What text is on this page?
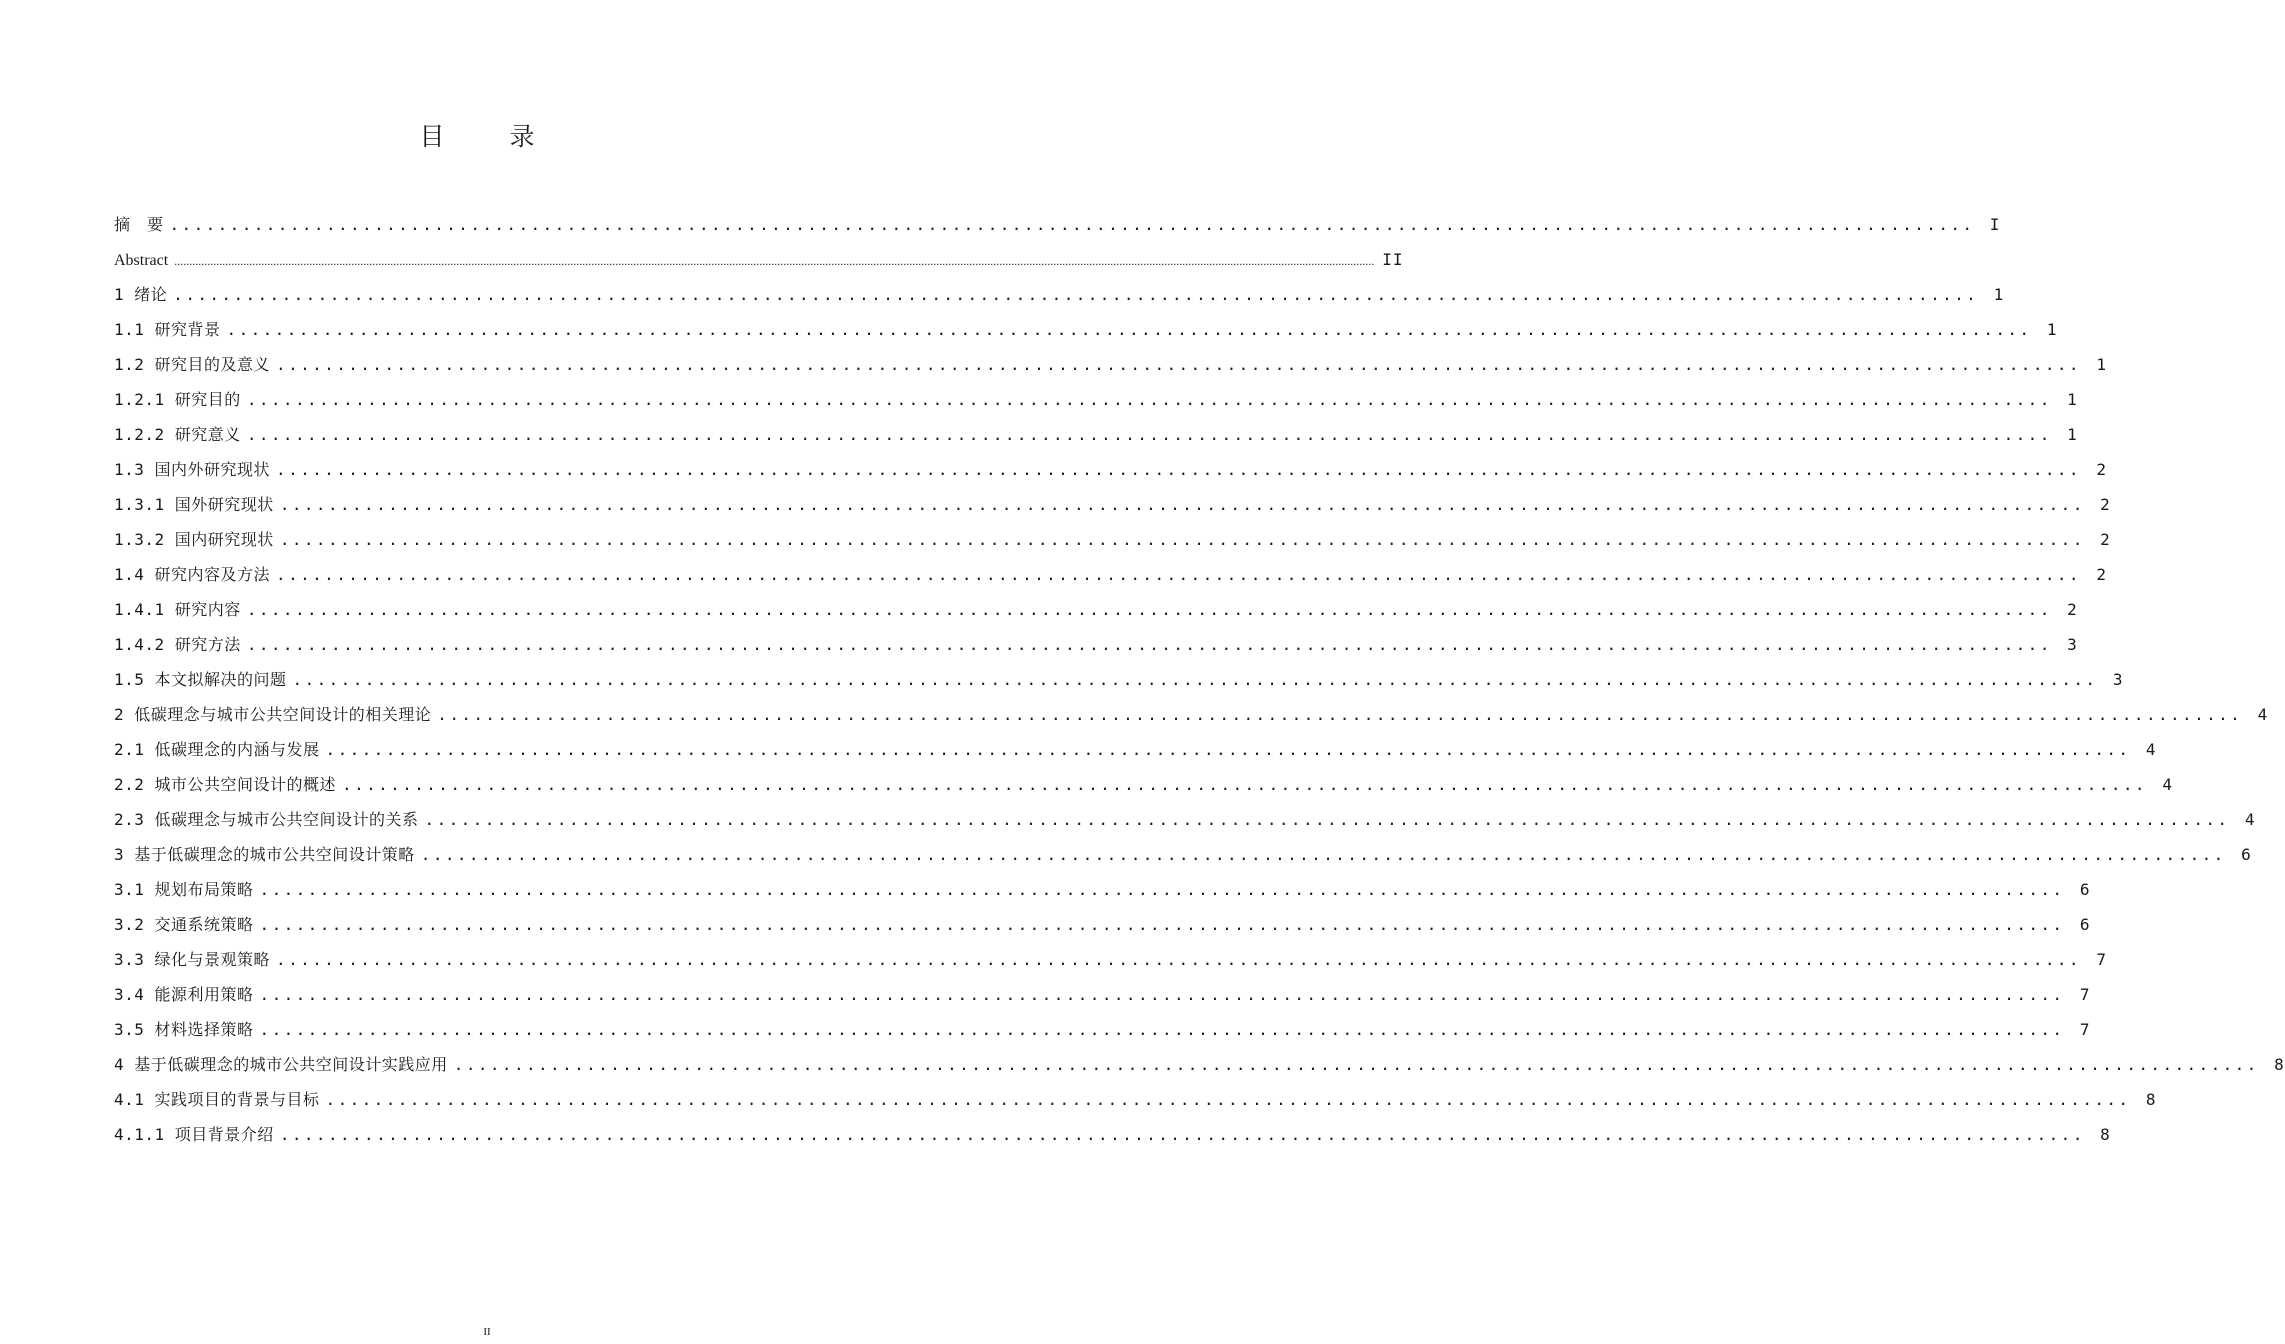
目　录
摘　要 ...................................................................................................................................................... I
Abstract ................................................................................................................................................................................................................................................................................................................................................................................................................ II
1 绪论 ...................................................................................................................................................... 1
1.1 研究背景 ...................................................................................................................................................... 1
1.2 研究目的及意义 ...................................................................................................................................................... 1
1.2.1 研究目的 ...................................................................................................................................................... 1
1.2.2 研究意义 ...................................................................................................................................................... 1
1.3 国内外研究现状 ...................................................................................................................................................... 2
1.3.1 国外研究现状 ...................................................................................................................................................... 2
1.3.2 国内研究现状 ...................................................................................................................................................... 2
1.4 研究内容及方法 ...................................................................................................................................................... 2
1.4.1 研究内容 ...................................................................................................................................................... 2
1.4.2 研究方法 ...................................................................................................................................................... 3
1.5 本文拟解决的问题 ...................................................................................................................................................... 3
2 低碳理念与城市公共空间设计的相关理论 ...................................................................................................................................................... 4
2.1 低碳理念的内涵与发展 ...................................................................................................................................................... 4
2.2 城市公共空间设计的概述 ...................................................................................................................................................... 4
2.3 低碳理念与城市公共空间设计的关系 ...................................................................................................................................................... 4
3 基于低碳理念的城市公共空间设计策略 ...................................................................................................................................................... 6
3.1 规划布局策略 ...................................................................................................................................................... 6
3.2 交通系统策略 ...................................................................................................................................................... 6
3.3 绿化与景观策略 ...................................................................................................................................................... 7
3.4 能源利用策略 ...................................................................................................................................................... 7
3.5 材料选择策略 ...................................................................................................................................................... 7
4 基于低碳理念的城市公共空间设计实践应用 ...................................................................................................................................................... 8
4.1 实践项目的背景与目标 ...................................................................................................................................................... 8
4.1.1 项目背景介绍 ...................................................................................................................................................... 8
II
